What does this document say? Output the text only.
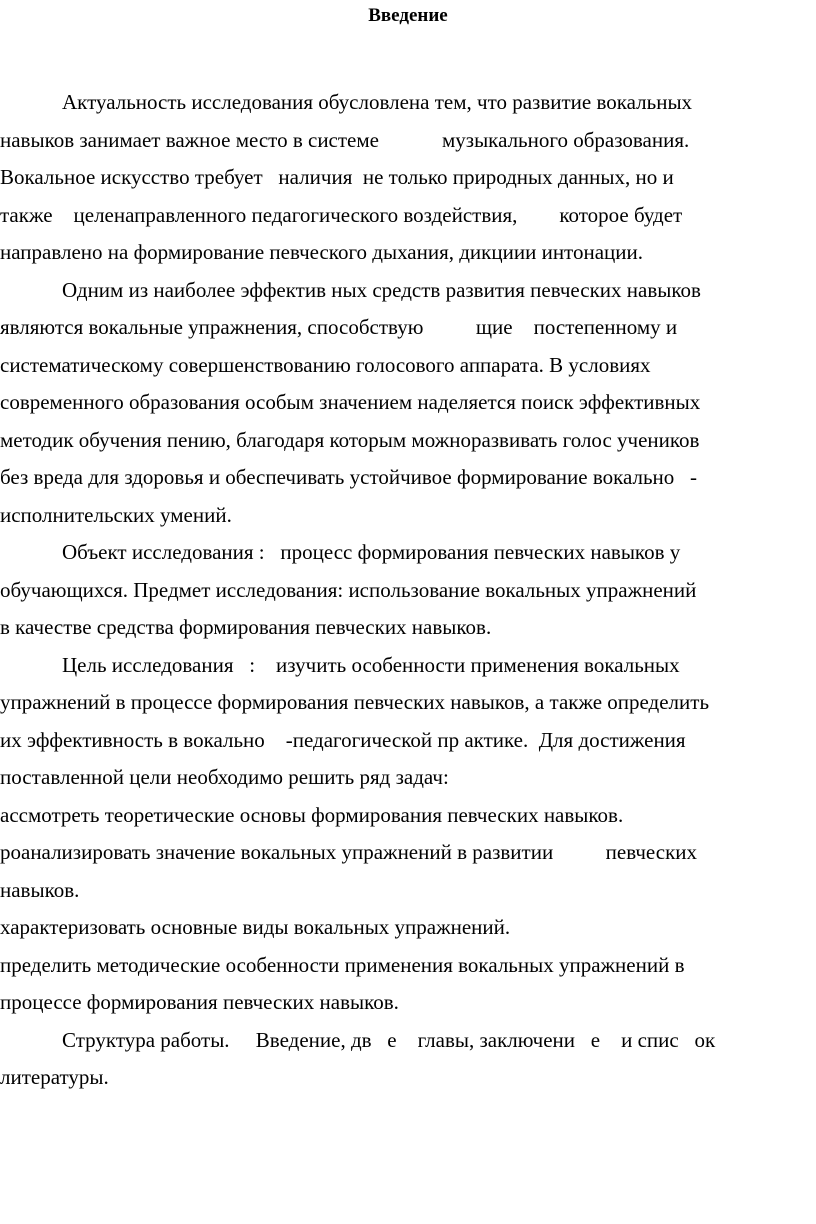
Введение
Актуальность исследования обусловлена тем, что развитие вокальных
навыков занимает важное место в системе            музыкального образования.
Вокальное искусство требует   наличия  не только природных данных, но и
также    целенаправленного педагогического воздействия,        которое будет
направлено на формирование певческого дыхания, дикциии интонации.
Одним из наиболее эффектив ных средств развития певческих навыков
являются вокальные упражнения, способствую          щие    постепенному и
систематическому совершенствованию голосового аппарата. В условиях
современного образования особым значением наделяется поиск эффективных
методик обучения пению, благодаря которым можноразвивать голос учеников
без вреда для здоровья и обеспечивать устойчивое формирование вокально   -
исполнительских умений.
Объект исследования :   процесс формирования певческих навыков у
обучающихся. Предмет исследования: использование вокальных упражнений
в качестве средства формирования певческих навыков.
Цель исследования   :    изучить особенности применения вокальных
упражнений в процессе формирования певческих навыков, а также определить
их эффективность в вокально    -педагогической пр актике.  Для достижения
поставленной цели необходимо решить ряд задач:
ассмотреть теоретические основы формирования певческих навыков.
роанализировать значение вокальных упражнений в развитии          певческих
навыков.
характеризовать основные виды вокальных упражнений.
пределить методические особенности применения вокальных упражнений в
процессе формирования певческих навыков.
Структура работы.     Введение, дв   е    главы, заключени   е    и спис   ок
литературы.
